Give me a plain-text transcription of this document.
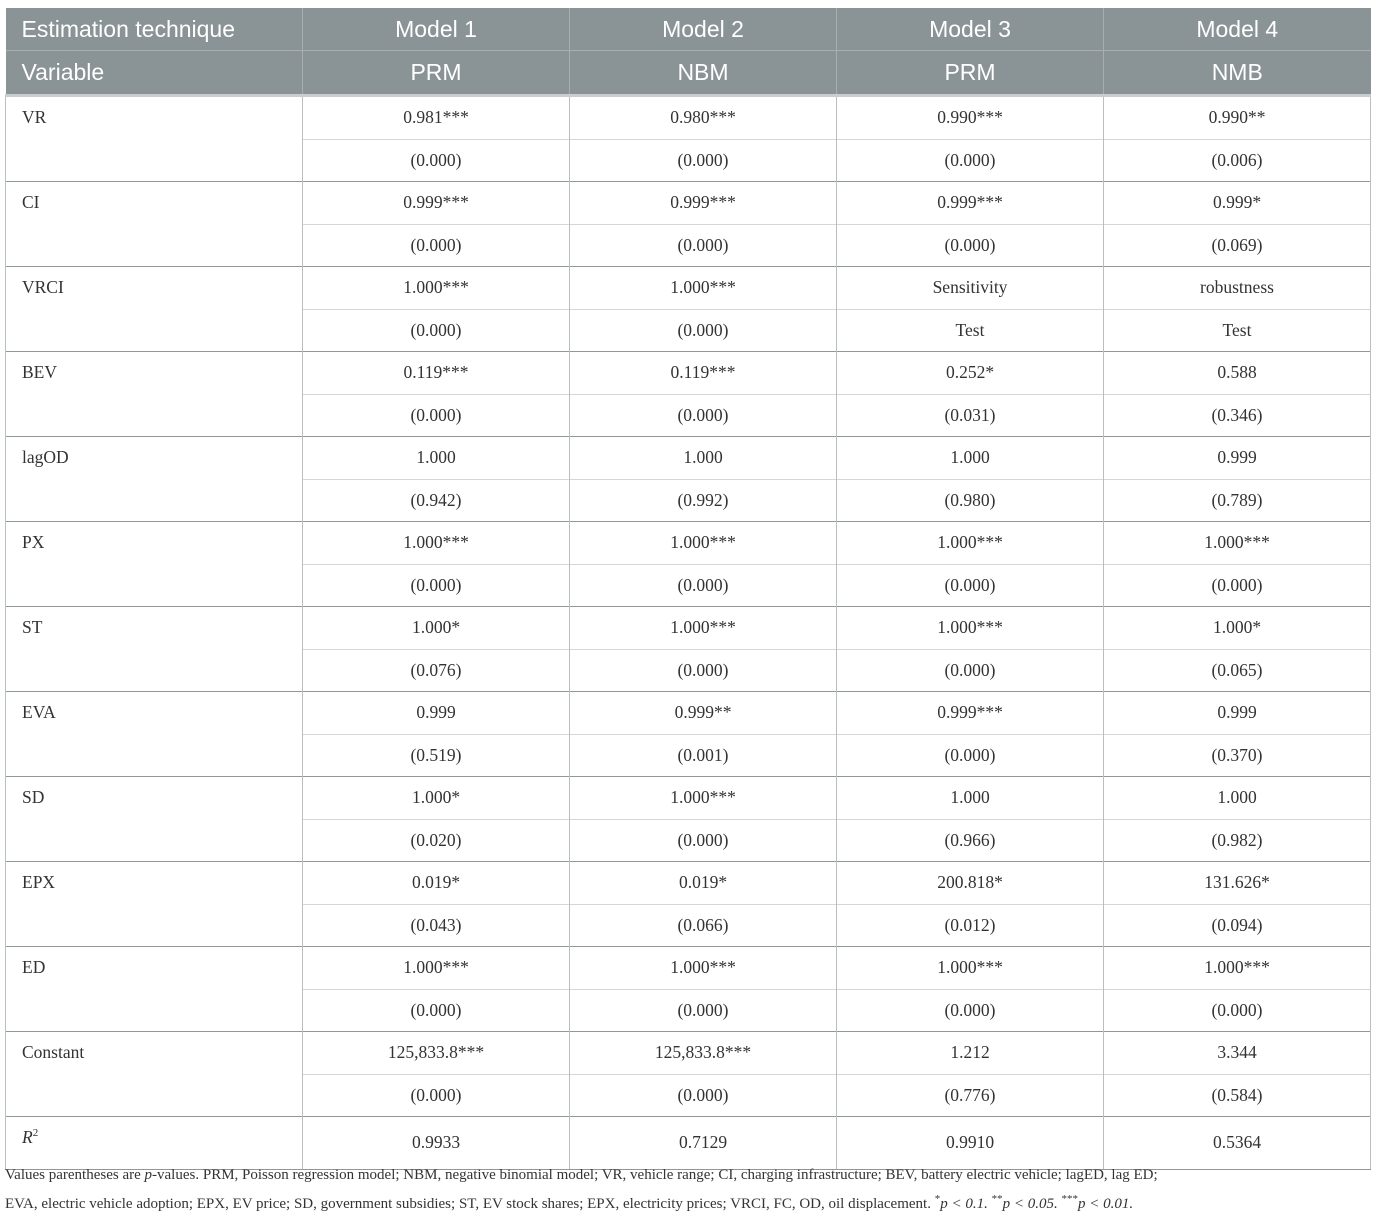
Estimation technique	Model 1	Model 2	Model 3	Model 4
Variable	PRM	NBM	PRM	NMB
VR	0.981***	0.980***	0.990***	0.990**
	(0.000)	(0.000)	(0.000)	(0.006)
CI	0.999***	0.999***	0.999***	0.999*
	(0.000)	(0.000)	(0.000)	(0.069)
VRCI	1.000***	1.000***	Sensitivity	robustness
	(0.000)	(0.000)	Test	Test
BEV	0.119***	0.119***	0.252*	0.588
	(0.000)	(0.000)	(0.031)	(0.346)
lagOD	1.000	1.000	1.000	0.999
	(0.942)	(0.992)	(0.980)	(0.789)
PX	1.000***	1.000***	1.000***	1.000***
	(0.000)	(0.000)	(0.000)	(0.000)
ST	1.000*	1.000***	1.000***	1.000*
	(0.076)	(0.000)	(0.000)	(0.065)
EVA	0.999	0.999**	0.999***	0.999
	(0.519)	(0.001)	(0.000)	(0.370)
SD	1.000*	1.000***	1.000	1.000
	(0.020)	(0.000)	(0.966)	(0.982)
EPX	0.019*	0.019*	200.818*	131.626*
	(0.043)	(0.066)	(0.012)	(0.094)
ED	1.000***	1.000***	1.000***	1.000***
	(0.000)	(0.000)	(0.000)	(0.000)
Constant	125,833.8***	125,833.8***	1.212	3.344
	(0.000)	(0.000)	(0.776)	(0.584)
$R^2$	0.9933	0.7129	0.9910	0.5364
Values parentheses are p-values. PRM, Poisson regression model; NBM, negative binomial model; VR, vehicle range; CI, charging infrastructure; BEV, battery electric vehicle; lagED, lag ED;
EVA, electric vehicle adoption; EPX, EV price; SD, government subsidies; ST, EV stock shares; EPX, electricity prices; VRCI, FC, OD, oil displacement. *p < 0.1. **p < 0.05. ***p < 0.01.
